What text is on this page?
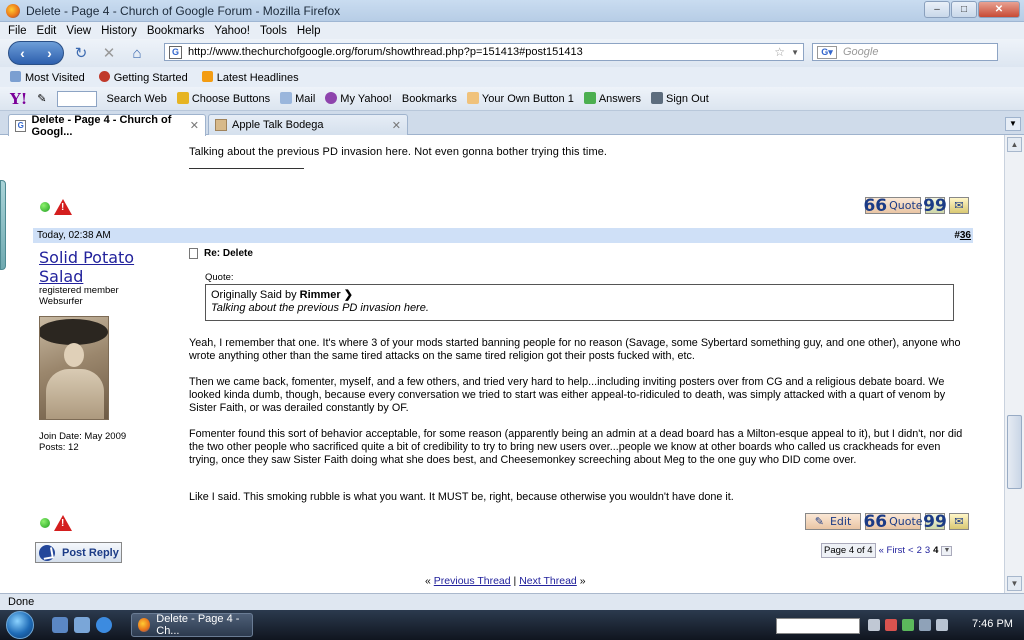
Delete - Page 4 - Church of Google Forum - Mozilla Firefox	–	□	✕
File Edit View History Bookmarks Yahoo! Tools Help
‹ ›	↻	✕	⌂	G http://www.thechurchofgoogle.org/forum/showthread.php?p=151413#post151413	☆ ▼	G▾ Google
Most Visited	Getting Started	Latest Headlines
Y! ✎	Search Web	Choose Buttons	Mail	My Yahoo! Bookmarks	Your Own Button 1	Answers	Sign Out
G Delete - Page 4 - Church of Googl...	✕	Apple Talk Bodega	✕	▼
Talking about the previous PD invasion here. Not even gonna bother trying this time.
!
66 Quote 99 ✉
Today, 02:38 AM	#36
Solid Potato Salad
registered member
Websurfer
Join Date: May 2009
Posts: 12
Re: Delete
Quote:
Originally Said by Rimmer ❯
Talking about the previous PD invasion here.

Yeah, I remember that one. It's where 3 of your mods started banning people for no reason (Savage, some Sybertard something guy, and one other), anyone who wrote anything other than the same tired attacks on the same tired religion got their posts fucked with, etc.

Then we came back, fomenter, myself, and a few others, and tried very hard to help...including inviting posters over from CG and a religious debate board. We looked kinda dumb, though, because every conversation we tried to start was either appeal-to-ridiculed to death, was simply attacked with a quart of venom by Sister Faith, or was derailed constantly by OF.

Fomenter found this sort of behavior acceptable, for some reason (apparently being an admin at a dead board has a Milton-esque appeal to it), but I didn't, nor did the two other people who sacrificed quite a bit of credibility to try to bring new users over...people we know at other boards who called us crackheads for even trying, once they saw Sister Faith doing what she does best, and Cheesemonkey screeching about Meg to the one guy who DID come over.

Like I said. This smoking rubble is what you want. It MUST be, right, because otherwise you wouldn't have done it.

!
✎ Edit 66 Quote 99 ✉
Post Reply	Page 4 of 4 « First < 2 3 4 ▼
« Previous Thread | Next Thread »
▲
▼
Done
Delete - Page 4 - Ch...
7:46 PM
